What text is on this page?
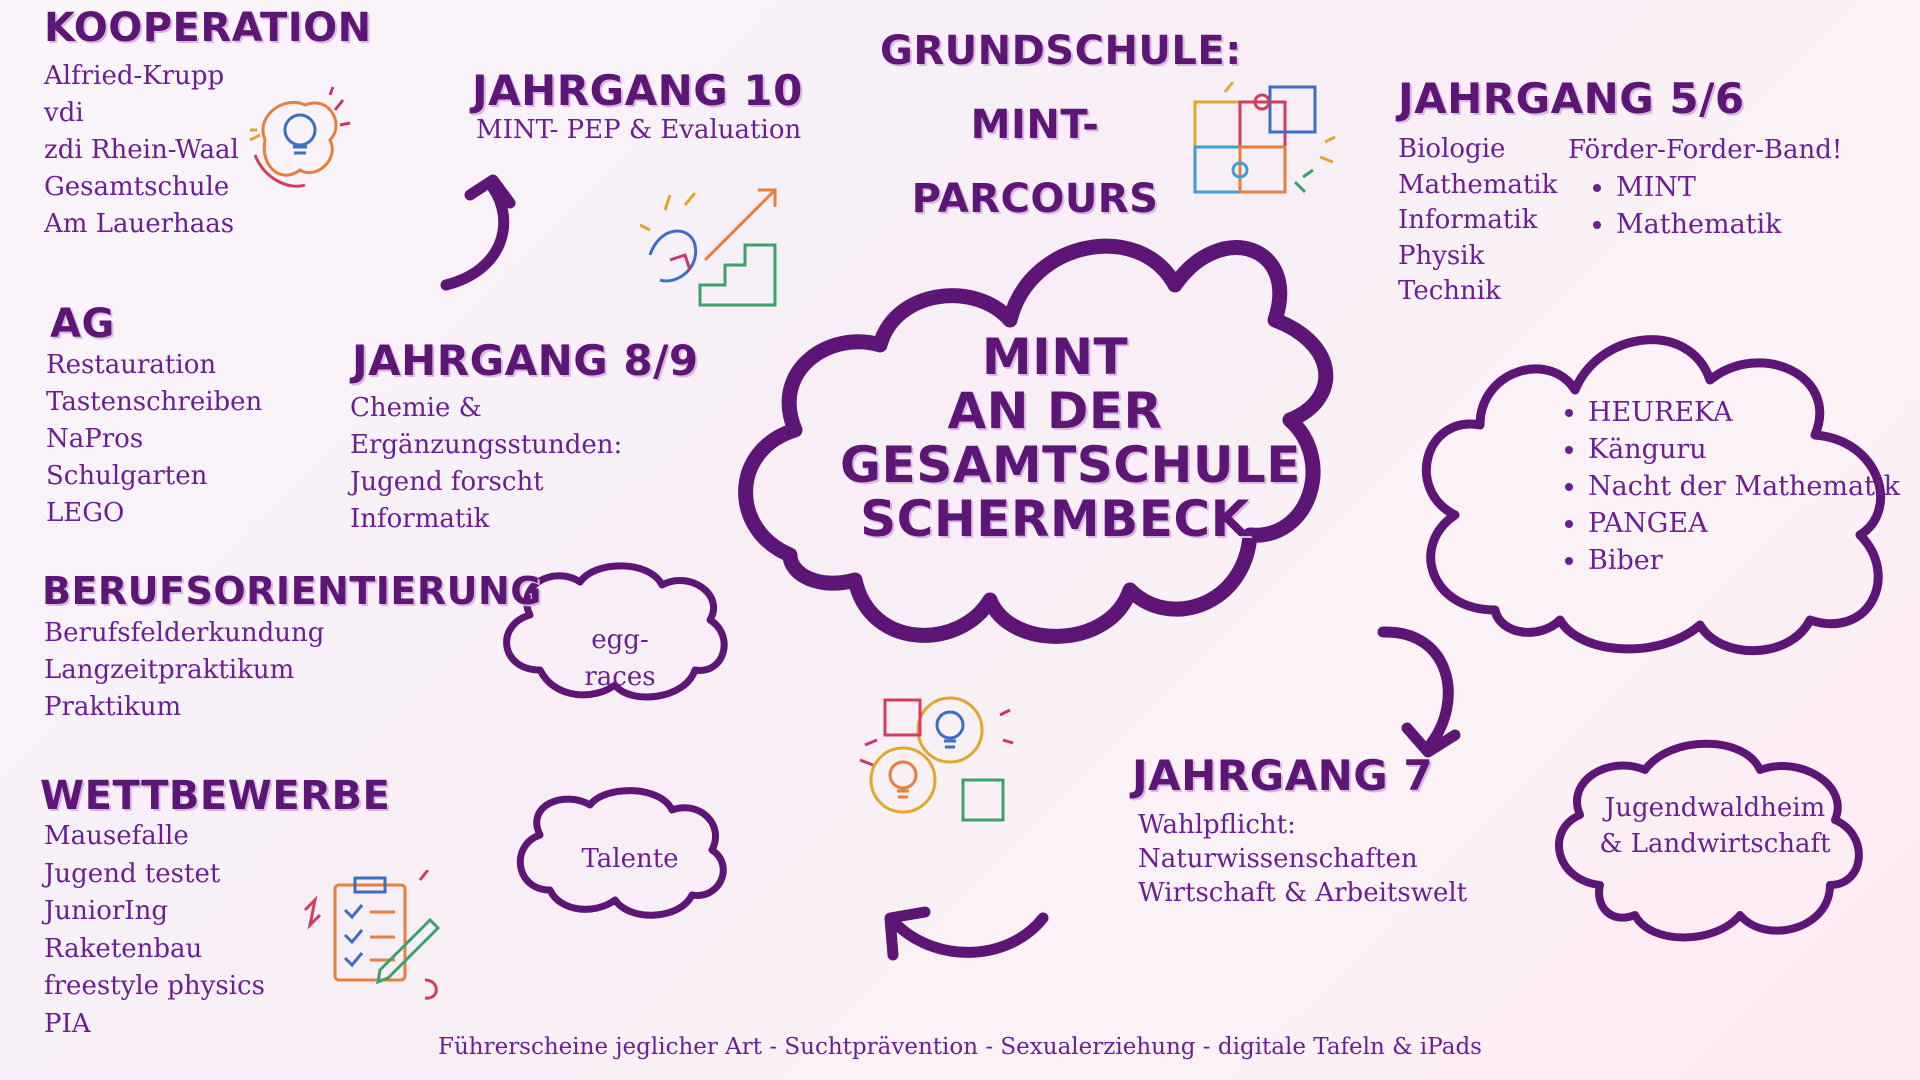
KOOPERATION
Alfried-Krupp
vdi
zdi Rhein-Waal
Gesamtschule
Am Lauerhaas
AG
Restauration
Tastenschreiben
NaPros
Schulgarten
LEGO
BERUFSORIENTIERUNG
Berufsfelderkundung
Langzeitpraktikum
Praktikum
WETTBEWERBE
Mausefalle
Jugend testet
JuniorIng
Raketenbau
freestyle physics
PIA
JAHRGANG 10
MINT- PEP & Evaluation
JAHRGANG 8/9
Chemie &
Ergänzungsstunden:
Jugend forscht
Informatik
GRUNDSCHULE:
MINT-
PARCOURS
JAHRGANG 5/6
Biologie
Mathematik
Informatik
Physik
Technik
Förder-Forder-Band!
• MINT
• Mathematik
MINT
AN DER
GESAMTSCHULE
SCHERMBECK
• HEUREKA
• Känguru
• Nacht der Mathematik
• PANGEA
• Biber
egg-races
Talente
JAHRGANG 7
Wahlpflicht:
Naturwissenschaften
Wirtschaft & Arbeitswelt
Jugendwaldheim
& Landwirtschaft
Führerscheine jeglicher Art - Suchtprävention - Sexualerziehung - digitale Tafeln & iPads
